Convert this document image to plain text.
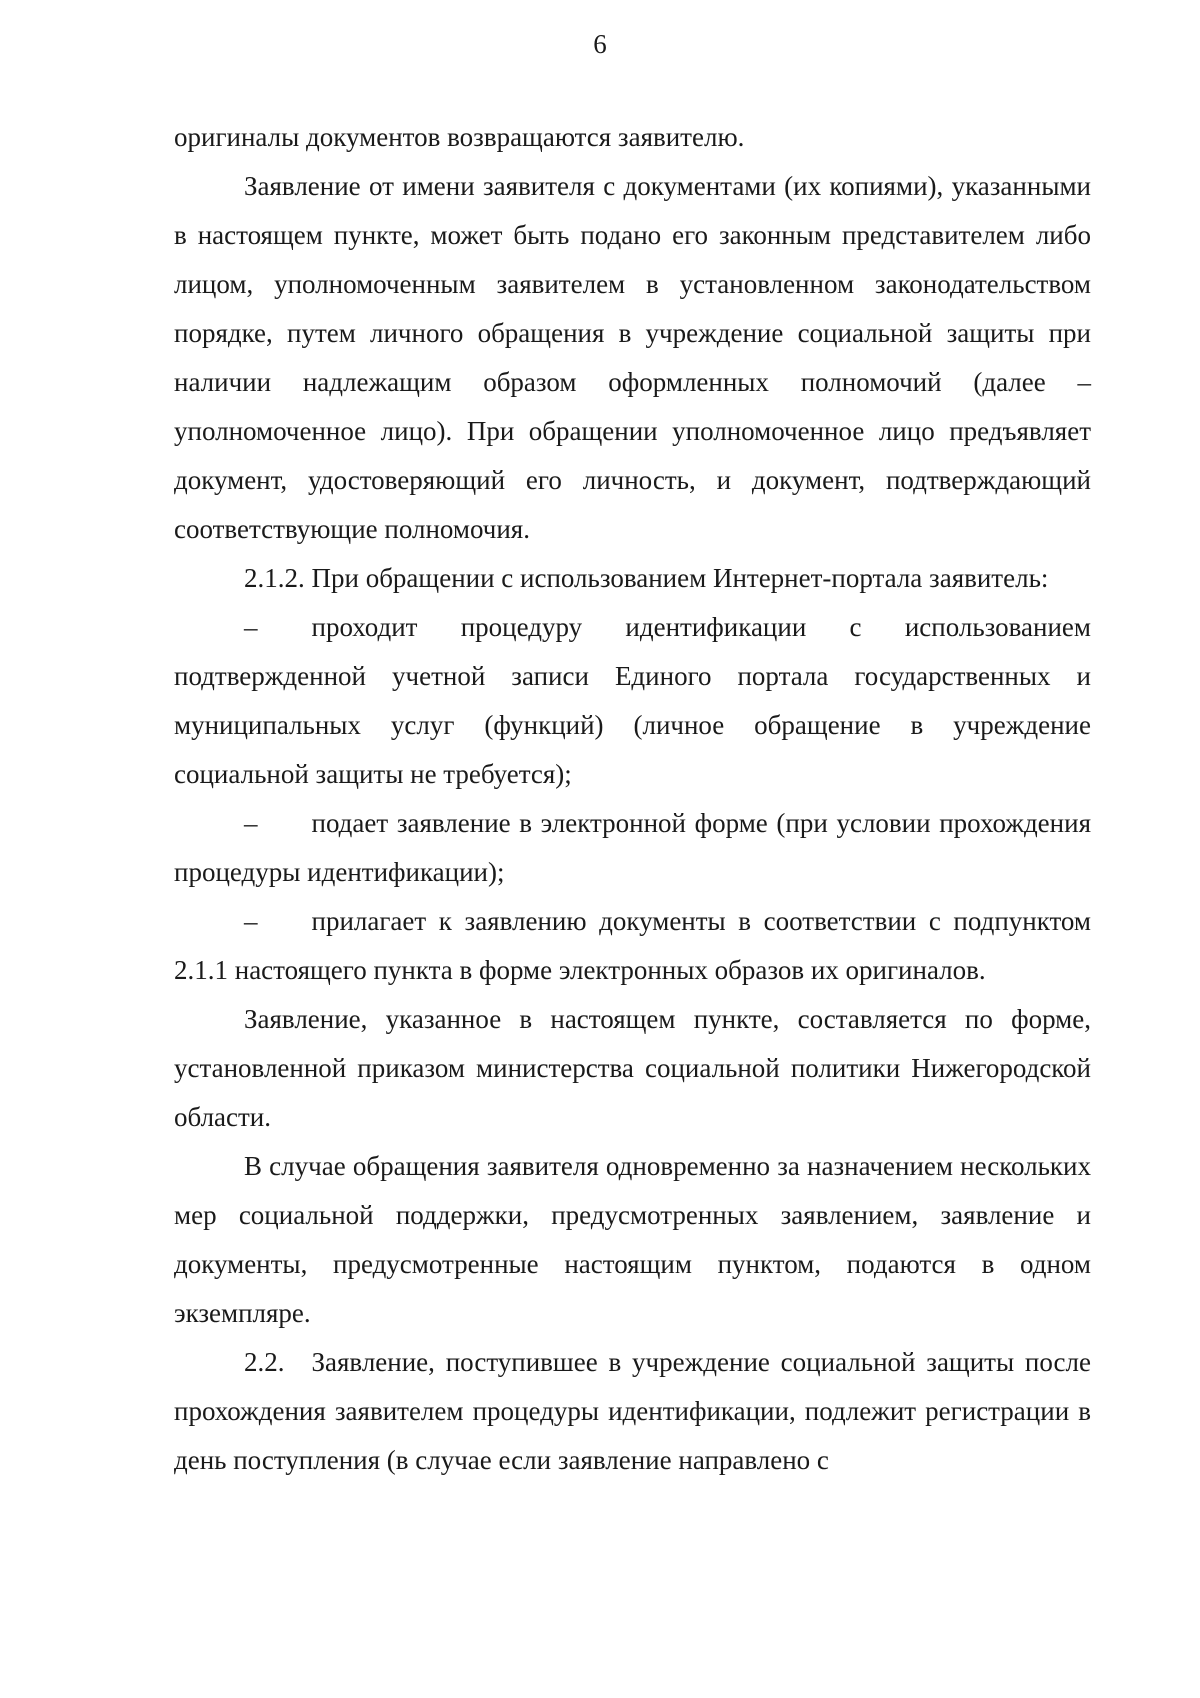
6

оригиналы документов возвращаются заявителю.

Заявление от имени заявителя с документами (их копиями), указанными в настоящем пункте, может быть подано его законным представителем либо лицом, уполномоченным заявителем в установленном законодательством порядке, путем личного обращения в учреждение социальной защиты при наличии надлежащим образом оформленных полномочий (далее – уполномоченное лицо). При обращении уполномоченное лицо предъявляет документ, удостоверяющий его личность, и документ, подтверждающий соответствующие полномочия.

2.1.2. При обращении с использованием Интернет-портала заявитель:

–  проходит процедуру идентификации с использованием подтвержденной учетной записи Единого портала государственных и муниципальных услуг (функций) (личное обращение в учреждение социальной защиты не требуется);

–  подает заявление в электронной форме (при условии прохождения процедуры идентификации);

–  прилагает к заявлению документы в соответствии с подпунктом 2.1.1 настоящего пункта в форме электронных образов их оригиналов.

Заявление, указанное в настоящем пункте, составляется по форме, установленной приказом министерства социальной политики Нижегородской области.

В случае обращения заявителя одновременно за назначением нескольких мер социальной поддержки, предусмотренных заявлением, заявление и документы, предусмотренные настоящим пунктом, подаются в одном экземпляре.

2.2. Заявление, поступившее в учреждение социальной защиты после прохождения заявителем процедуры идентификации, подлежит регистрации в день поступления (в случае если заявление направлено с
